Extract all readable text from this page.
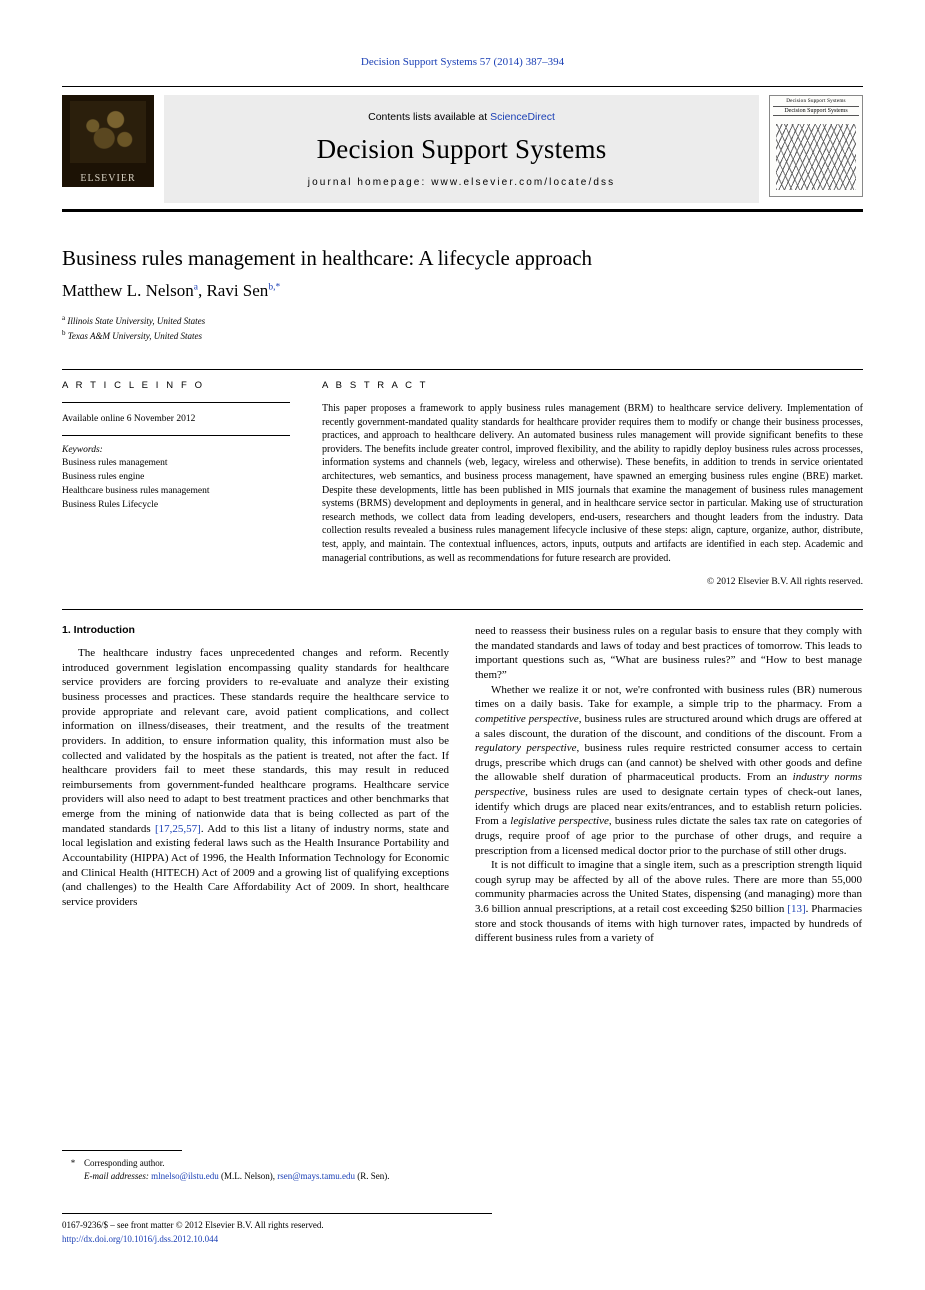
Decision Support Systems 57 (2014) 387–394
ELSEVIER
Contents lists available at ScienceDirect
Decision Support Systems
journal homepage: www.elsevier.com/locate/dss
Decision Support Systems
Decision Support Systems
Business rules management in healthcare: A lifecycle approach
Matthew L. Nelson$^a$, Ravi Sen$^{b,*}$
$^a$ Illinois State University, United States
$^b$ Texas A&M University, United States
A R T I C L E I N F O
Available online 6 November 2012
Keywords:
Business rules management
Business rules engine
Healthcare business rules management
Business Rules Lifecycle
A B S T R A C T
This paper proposes a framework to apply business rules management (BRM) to healthcare service delivery. Implementation of recently government-mandated quality standards for healthcare provider requires them to modify or change their business processes, practices, and approach to healthcare delivery. An automated business rules management will provide significant benefits to these providers. The benefits include greater control, improved flexibility, and the ability to rapidly deploy business rules across processes, information systems and channels (web, legacy, wireless and otherwise). These benefits, in addition to trends in service orientated architectures, web semantics, and business process management, have spawned an emerging business rules engine (BRE) market. Despite these developments, little has been published in MIS journals that examine the management of business rules management systems (BRMS) development and deployments in general, and in healthcare service sector in particular. Making use of structuration research methods, we collect data from leading developers, end-users, researchers and thought leaders from the industry. Data collection results revealed a business rules management lifecycle inclusive of these steps: align, capture, organize, author, distribute, test, apply, and maintain. The contextual influences, actors, inputs, outputs and artifacts are identified in each step. Academic and managerial contributions, as well as recommendations for future research are provided.
© 2012 Elsevier B.V. All rights reserved.
1. Introduction

The healthcare industry faces unprecedented changes and reform. Recently introduced government legislation encompassing quality standards for healthcare service providers are forcing providers to re-evaluate and analyze their existing business processes and practices. These standards require the healthcare service to provide appropriate and relevant care, avoid patient complications, and collect information on illness/diseases, their treatment, and the results of the treatment providers. In addition, to ensure information quality, this information must also be collected and validated by the hospitals as the patient is treated, not after the fact. If healthcare providers fail to meet these standards, this may result in reduced reimbursements from government-funded healthcare programs. Healthcare service providers will also need to adapt to best treatment practices and other benchmarks that emerge from the mining of nationwide data that is being collected as part of the mandated standards [17,25,57]. Add to this list a litany of industry norms, state and local legislation and existing federal laws such as the Health Insurance Portability and Accountability (HIPPA) Act of 1996, the Health Information Technology for Economic and Clinical Health (HITECH) Act of 2009 and a growing list of qualifying exceptions (and challenges) to the Health Care Affordability Act of 2009. In short, healthcare service providers

need to reassess their business rules on a regular basis to ensure that they comply with the mandated standards and laws of today and best practices of tomorrow. This leads to important questions such as, “What are business rules?” and “How to best manage them?”

Whether we realize it or not, we're confronted with business rules (BR) numerous times on a daily basis. Take for example, a simple trip to the pharmacy. From a competitive perspective, business rules are structured around which drugs are offered at a sales discount, the duration of the discount, and conditions of the discount. From a regulatory perspective, business rules require restricted consumer access to certain drugs, prescribe which drugs can (and cannot) be shelved with other goods and define the allowable shelf duration of pharmaceutical products. From an industry norms perspective, business rules are used to designate certain types of check-out lanes, identify which drugs are placed near exits/entrances, and to establish return policies. From a legislative perspective, business rules dictate the sales tax rate on categories of drugs, require proof of age prior to the purchase of other drugs, and require a prescription from a licensed medical doctor prior to the purchase of still other drugs.

It is not difficult to imagine that a single item, such as a prescription strength liquid cough syrup may be affected by all of the above rules. There are more than 55,000 community pharmacies across the United States, dispensing (and managing) more than 3.6 billion annual prescriptions, at a retail cost exceeding $250 billion [13]. Pharmacies store and stock thousands of items with high turnover rates, impacted by hundreds of different business rules from a variety of

* Corresponding author.
E-mail addresses: mlnelso@ilstu.edu (M.L. Nelson), rsen@mays.tamu.edu (R. Sen).
0167-9236/$ – see front matter © 2012 Elsevier B.V. All rights reserved.
http://dx.doi.org/10.1016/j.dss.2012.10.044
